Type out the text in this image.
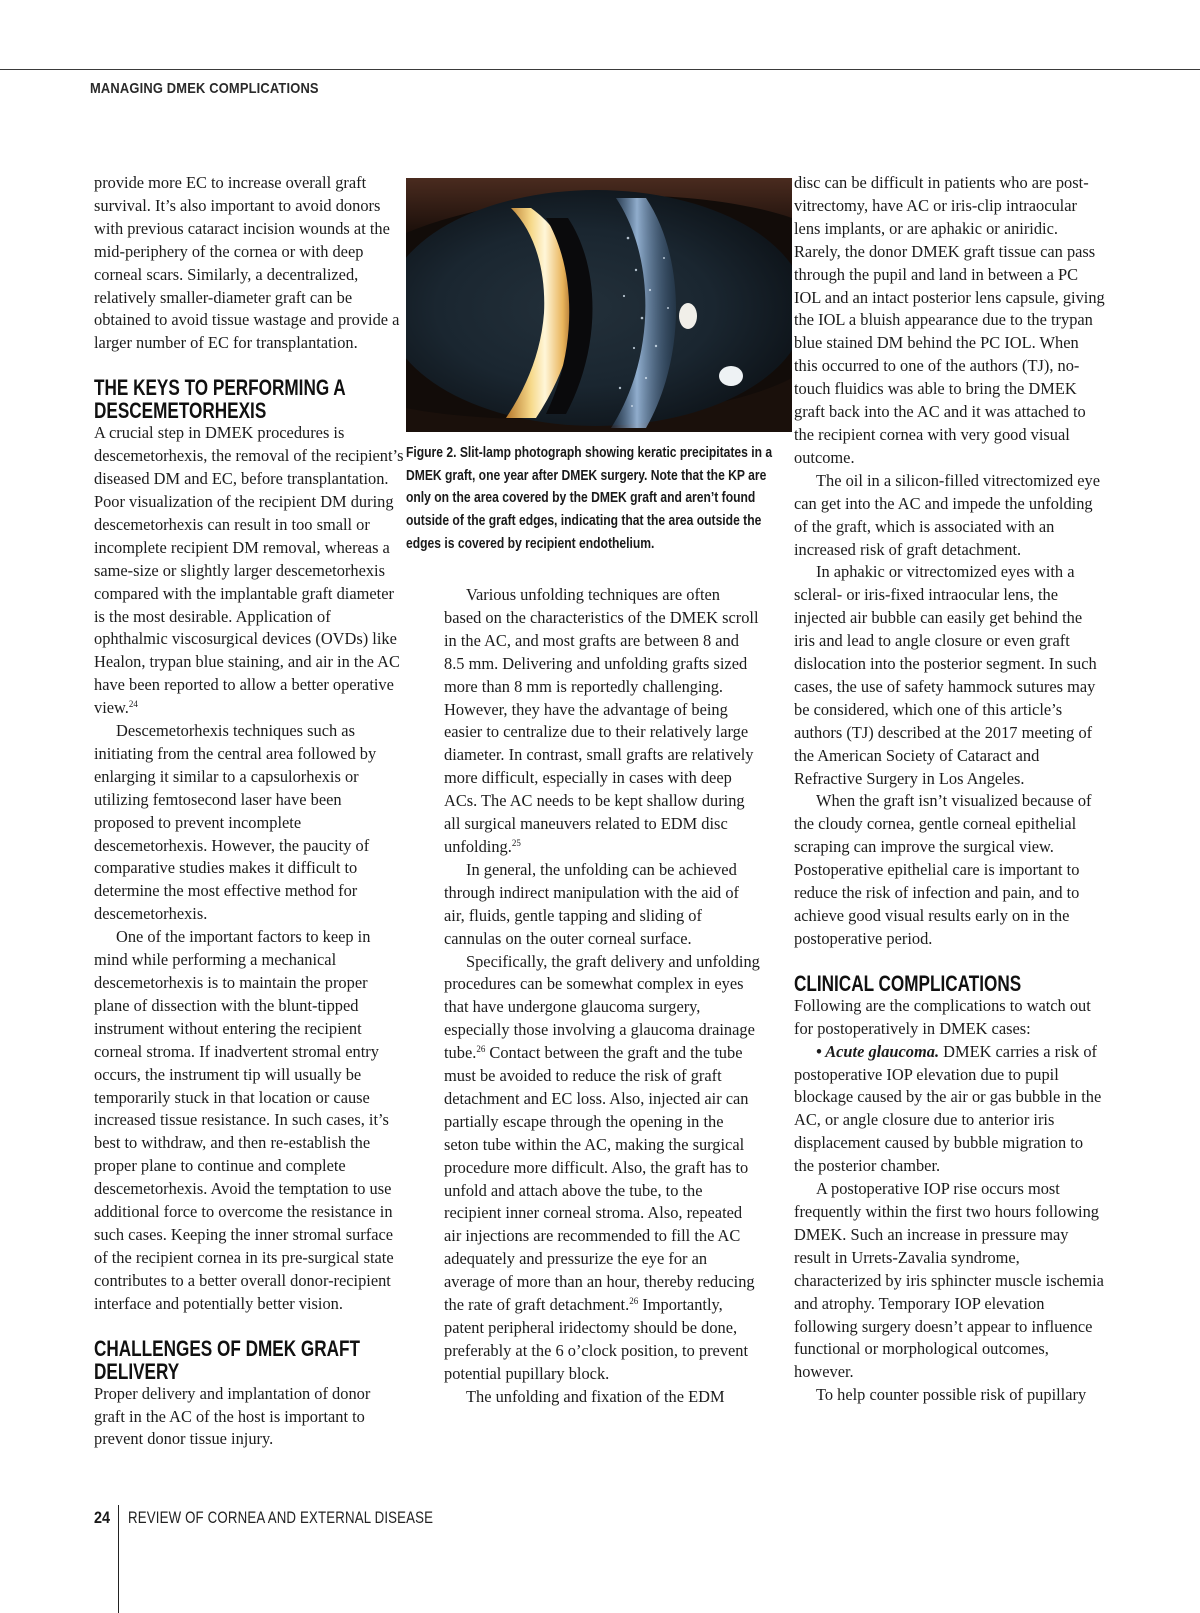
MANAGING DMEK COMPLICATIONS

provide more EC to increase overall graft survival. It’s also important to avoid donors with previous cataract incision wounds at the mid-periphery of the cornea or with deep corneal scars. Similarly, a decentralized, relatively smaller-diameter graft can be obtained to avoid tissue wastage and provide a larger number of EC for transplantation.

THE KEYS TO PERFORMING A DESCEMETORHEXIS

A crucial step in DMEK procedures is descemetorhexis, the removal of the recipient’s diseased DM and EC, before transplantation. Poor visualization of the recipient DM during descemetorhexis can result in too small or incomplete recipient DM removal, whereas a same-size or slightly larger descemetorhexis compared with the implantable graft diameter is the most desirable. Application of ophthalmic viscosurgical devices (OVDs) like Healon, trypan blue staining, and air in the AC have been reported to allow a better operative view.$^{24}$

Descemetorhexis techniques such as initiating from the central area followed by enlarging it similar to a capsulorhexis or utilizing femtosecond laser have been proposed to prevent incomplete descemetorhexis. However, the paucity of comparative studies makes it difficult to determine the most effective method for descemetorhexis.

One of the important factors to keep in mind while performing a mechanical descemetorhexis is to maintain the proper plane of dissection with the blunt-tipped instrument without entering the recipient corneal stroma. If inadvertent stromal entry occurs, the instrument tip will usually be temporarily stuck in that location or cause increased tissue resistance. In such cases, it’s best to withdraw, and then re-establish the proper plane to continue and complete descemetorhexis. Avoid the temptation to use additional force to overcome the resistance in such cases. Keeping the inner stromal surface of the recipient cornea in its pre-surgical state contributes to a better overall donor-recipient interface and potentially better vision.

CHALLENGES OF DMEK GRAFT DELIVERY

Proper delivery and implantation of donor graft in the AC of the host is important to prevent donor tissue injury.

Figure 2. Slit-lamp photograph showing keratic precipitates in a DMEK graft, one year after DMEK surgery. Note that the KP are only on the area covered by the DMEK graft and aren’t found outside of the graft edges, indicating that the area outside the edges is covered by recipient endothelium.

Various unfolding techniques are often based on the characteristics of the DMEK scroll in the AC, and most grafts are between 8 and 8.5 mm. Delivering and unfolding grafts sized more than 8 mm is reportedly challenging. However, they have the advantage of being easier to centralize due to their relatively large diameter. In contrast, small grafts are relatively more difficult, especially in cases with deep ACs. The AC needs to be kept shallow during all surgical maneuvers related to EDM disc unfolding.$^{25}$

In general, the unfolding can be achieved through indirect manipulation with the aid of air, fluids, gentle tapping and sliding of cannulas on the outer corneal surface.

Specifically, the graft delivery and unfolding procedures can be somewhat complex in eyes that have undergone glaucoma surgery, especially those involving a glaucoma drainage tube.$^{26}$ Contact between the graft and the tube must be avoided to reduce the risk of graft detachment and EC loss. Also, injected air can partially escape through the opening in the seton tube within the AC, making the surgical procedure more difficult. Also, the graft has to unfold and attach above the tube, to the recipient inner corneal stroma. Also, repeated air injections are recommended to fill the AC adequately and pressurize the eye for an average of more than an hour, thereby reducing the rate of graft detachment.$^{26}$ Importantly, patent peripheral iridectomy should be done, preferably at the 6 o’clock position, to prevent potential pupillary block.

The unfolding and fixation of the EDM

disc can be difficult in patients who are post-vitrectomy, have AC or iris-clip intraocular lens implants, or are aphakic or aniridic. Rarely, the donor DMEK graft tissue can pass through the pupil and land in between a PC IOL and an intact posterior lens capsule, giving the IOL a bluish appearance due to the trypan blue stained DM behind the PC IOL. When this occurred to one of the authors (TJ), no-touch fluidics was able to bring the DMEK graft back into the AC and it was attached to the recipient cornea with very good visual outcome.

The oil in a silicon-filled vitrectomized eye can get into the AC and impede the unfolding of the graft, which is associated with an increased risk of graft detachment.

In aphakic or vitrectomized eyes with a scleral- or iris-fixed intraocular lens, the injected air bubble can easily get behind the iris and lead to angle closure or even graft dislocation into the posterior segment. In such cases, the use of safety hammock sutures may be considered, which one of this article’s authors (TJ) described at the 2017 meeting of the American Society of Cataract and Refractive Surgery in Los Angeles.

When the graft isn’t visualized because of the cloudy cornea, gentle corneal epithelial scraping can improve the surgical view. Postoperative epithelial care is important to reduce the risk of infection and pain, and to achieve good visual results early on in the postoperative period.

CLINICAL COMPLICATIONS

Following are the complications to watch out for postoperatively in DMEK cases:

• Acute glaucoma. DMEK carries a risk of postoperative IOP elevation due to pupil blockage caused by the air or gas bubble in the AC, or angle closure due to anterior iris displacement caused by bubble migration to the posterior chamber.

A postoperative IOP rise occurs most frequently within the first two hours following DMEK. Such an increase in pressure may result in Urrets-Zavalia syndrome, characterized by iris sphincter muscle ischemia and atrophy. Temporary IOP elevation following surgery doesn’t appear to influence functional or morphological outcomes, however.

To help counter possible risk of pupillary

24 REVIEW OF CORNEA AND EXTERNAL DISEASE
